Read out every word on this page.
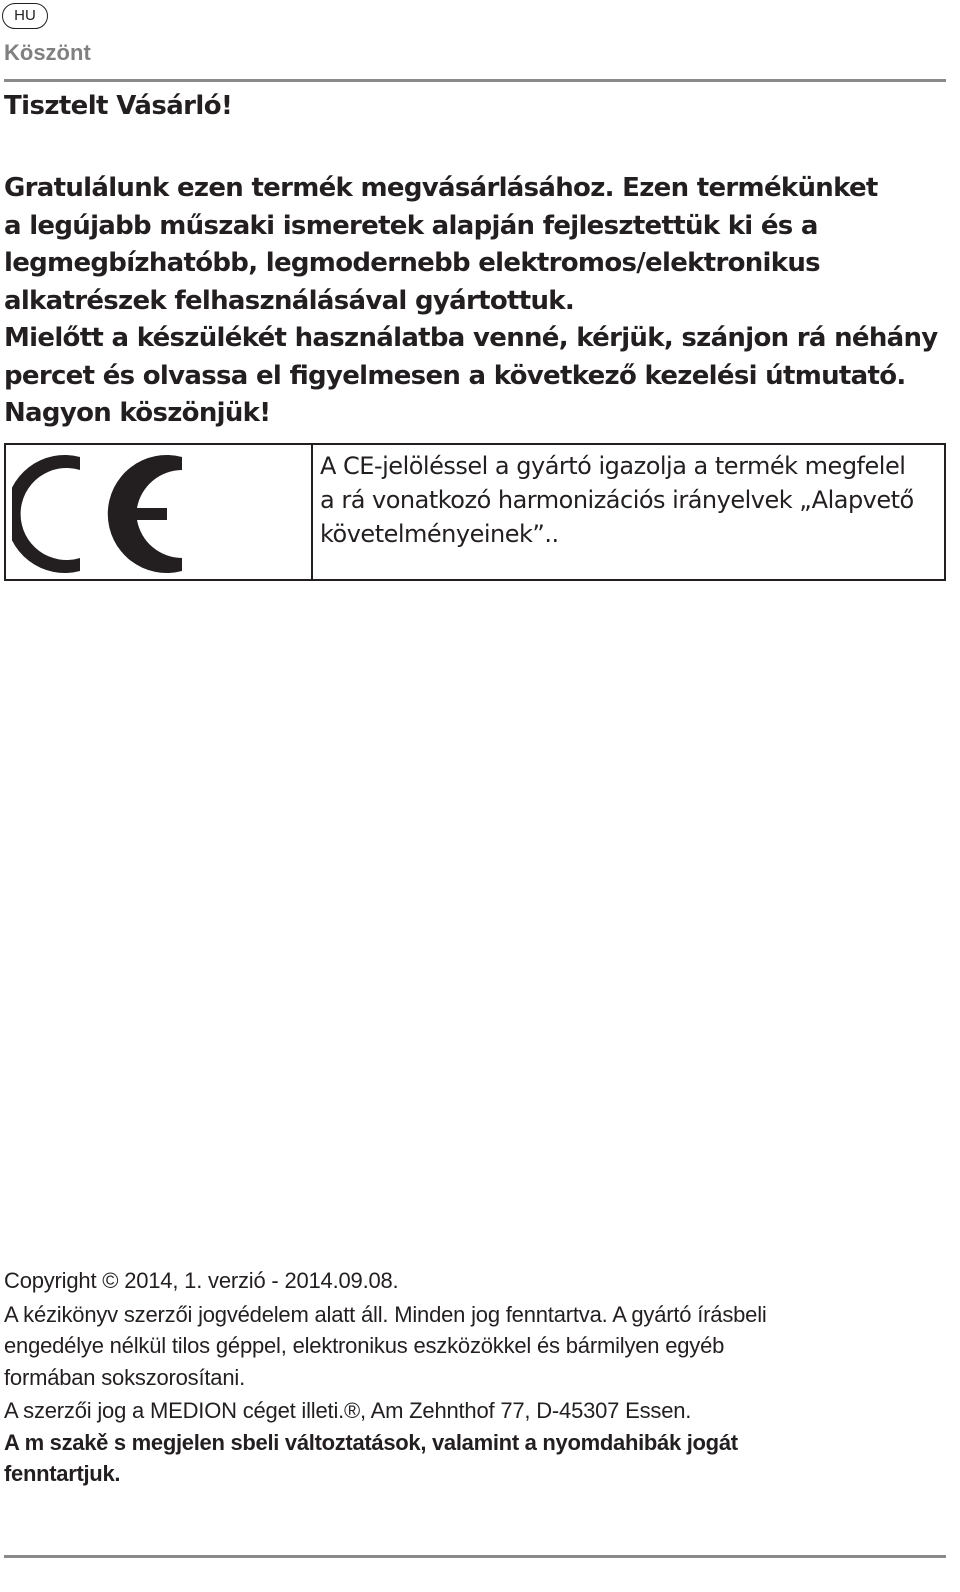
HU
Köszönt
Tisztelt Vásárló!

Gratulálunk ezen termék megvásárlásához. Ezen termékünket
a legújabb műszaki ismeretek alapján fejlesztettük ki és a
legmegbízhatóbb, legmodernebb elektromos/elektronikus
alkatrészek felhasználásával gyártottuk.
Mielőtt a készülékét használatba venné, kérjük, szánjon rá néhány
percet és olvassa el ﬁgyelmesen a következő kezelési útmutató.
Nagyon köszönjük!

A CE-jelöléssel a gyártó igazolja a termék megfelel
a rá vonatkozó harmonizációs irányelvek „Alapvető
követelményeinek”..

Copyright © 2014, 1. verzió - 2014.09.08.
A kézikönyv szerzői jogvédelem alatt áll. Minden jog fenntartva. A gyártó írásbeli
engedélye nélkül tilos géppel, elektronikus eszközökkel és bármilyen egyéb
formában sokszorosítani.
A szerzői jog a MEDION céget illeti.®, Am Zehnthof 77, D-45307 Essen.
A m szakě s megjelen sbeli változtatások, valamint a nyomdahibák jogát
fenntartjuk.
